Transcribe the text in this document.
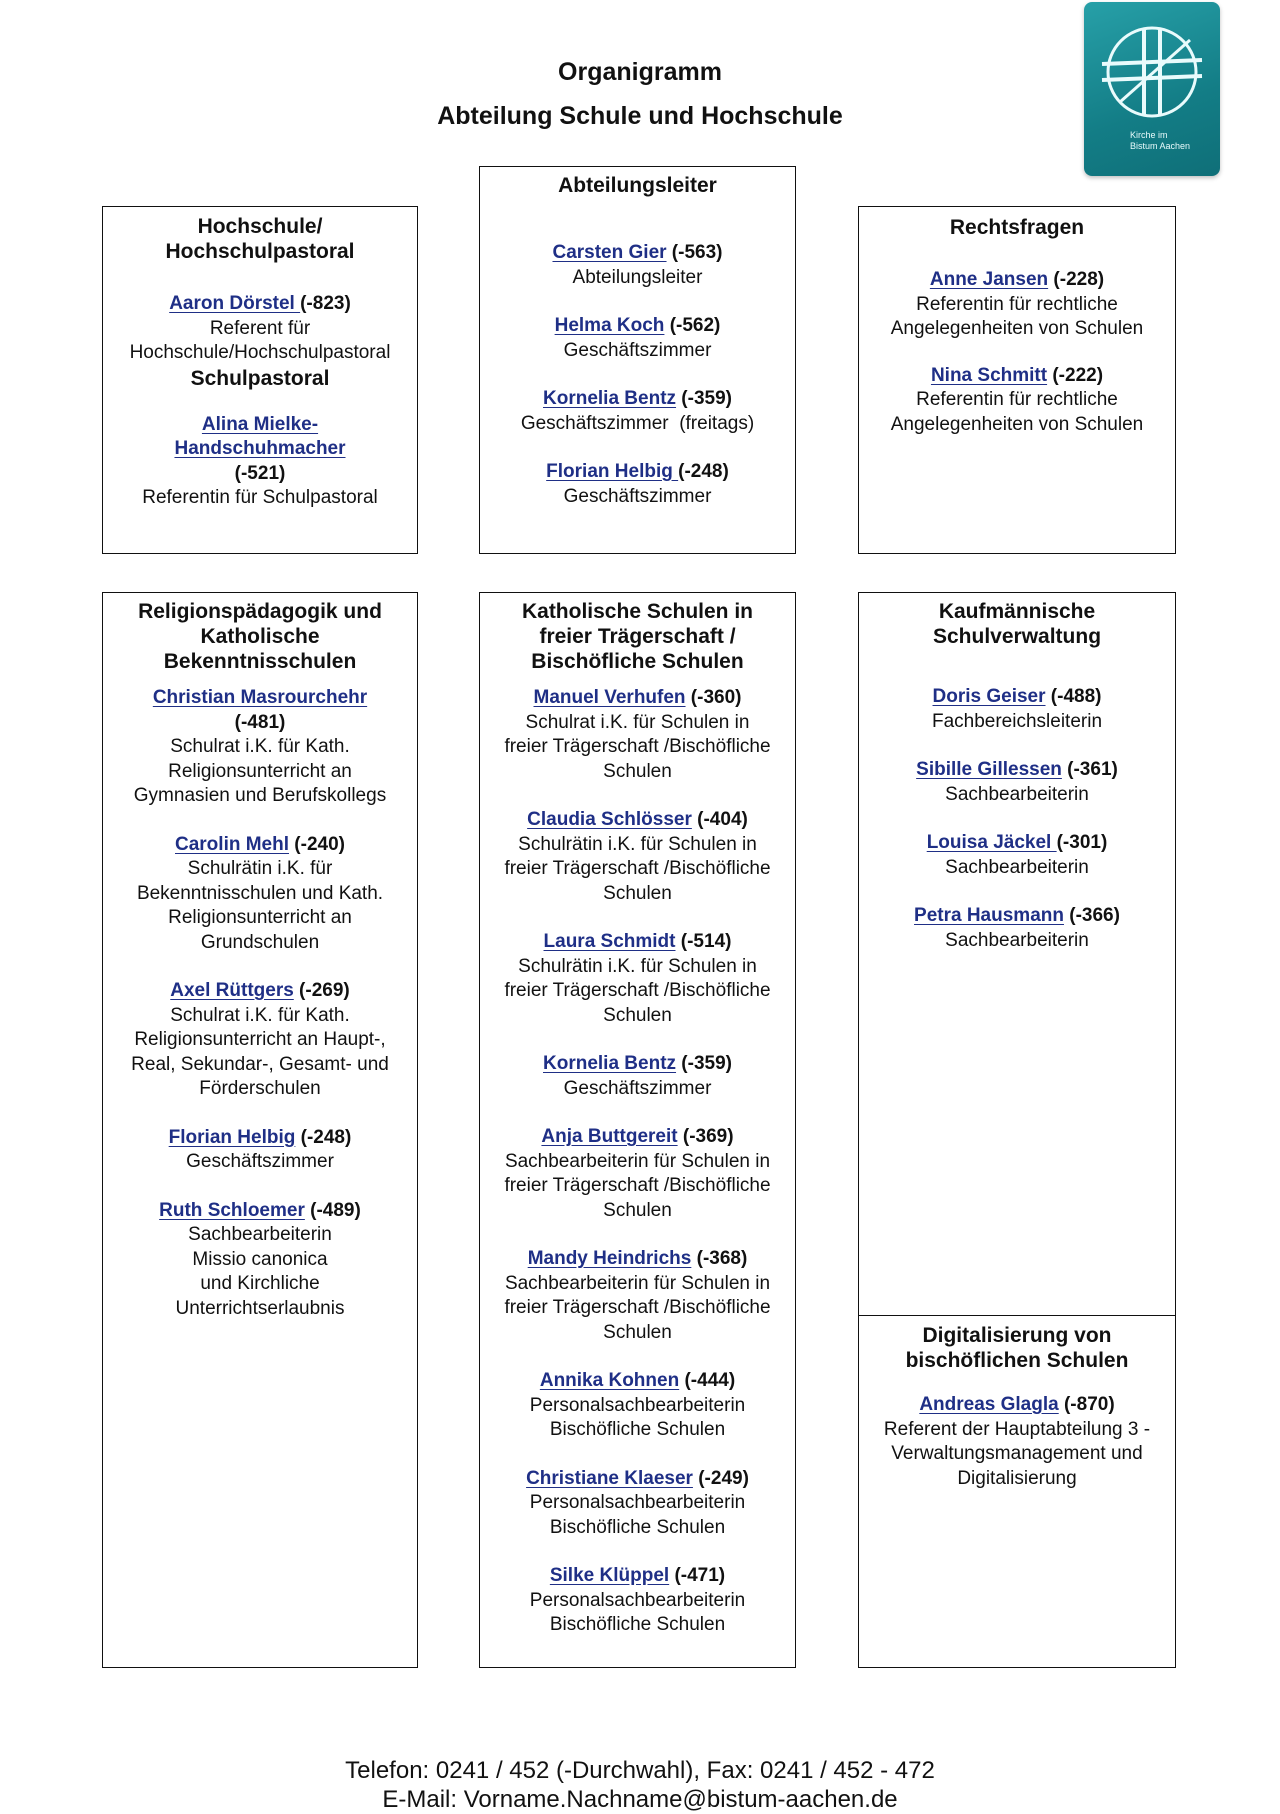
Organigramm
Abteilung Schule und Hochschule
Kirche im
Bistum Aachen
Hochschule/
Hochschulpastoral
Aaron Dörstel (-823)
Referent für
Hochschule/Hochschulpastoral
Schulpastoral
Alina Mielke-
Handschuhmacher
(-521)
Referentin für Schulpastoral
Abteilungsleiter
Carsten Gier (-563)
Abteilungsleiter
Helma Koch (-562)
Geschäftszimmer
Kornelia Bentz (-359)
Geschäftszimmer  (freitags)
Florian Helbig (-248)
Geschäftszimmer
Rechtsfragen
Anne Jansen (-228)
Referentin für rechtliche
Angelegenheiten von Schulen
Nina Schmitt (-222)
Referentin für rechtliche
Angelegenheiten von Schulen
Religionspädagogik und
Katholische
Bekenntnisschulen
Christian Masrourchehr
(-481)
Schulrat i.K. für Kath.
Religionsunterricht an
Gymnasien und Berufskollegs
Carolin Mehl (-240)
Schulrätin i.K. für
Bekenntnisschulen und Kath.
Religionsunterricht an
Grundschulen
Axel Rüttgers (-269)
Schulrat i.K. für Kath.
Religionsunterricht an Haupt-,
Real, Sekundar-, Gesamt- und
Förderschulen
Florian Helbig (-248)
Geschäftszimmer
Ruth Schloemer (-489)
Sachbearbeiterin
Missio canonica
und Kirchliche
Unterrichtserlaubnis
Katholische Schulen in
freier Trägerschaft /
Bischöfliche Schulen
Manuel Verhufen (-360)
Schulrat i.K. für Schulen in
freier Trägerschaft /Bischöfliche
Schulen
Claudia Schlösser (-404)
Schulrätin i.K. für Schulen in
freier Trägerschaft /Bischöfliche
Schulen
Laura Schmidt (-514)
Schulrätin i.K. für Schulen in
freier Trägerschaft /Bischöfliche
Schulen
Kornelia Bentz (-359)
Geschäftszimmer
Anja Buttgereit (-369)
Sachbearbeiterin für Schulen in
freier Trägerschaft /Bischöfliche
Schulen
Mandy Heindrichs (-368)
Sachbearbeiterin für Schulen in
freier Trägerschaft /Bischöfliche
Schulen
Annika Kohnen (-444)
Personalsachbearbeiterin
Bischöfliche Schulen
Christiane Klaeser (-249)
Personalsachbearbeiterin
Bischöfliche Schulen
Silke Klüppel (-471)
Personalsachbearbeiterin
Bischöfliche Schulen
Kaufmännische
Schulverwaltung
Doris Geiser (-488)
Fachbereichsleiterin
Sibille Gillessen (-361)
Sachbearbeiterin
Louisa Jäckel (-301)
Sachbearbeiterin
Petra Hausmann (-366)
Sachbearbeiterin
Digitalisierung von
bischöflichen Schulen
Andreas Glagla (-870)
Referent der Hauptabteilung 3 -
Verwaltungsmanagement und
Digitalisierung
Telefon: 0241 / 452 (-Durchwahl), Fax: 0241 / 452 - 472
E-Mail: Vorname.Nachname@bistum-aachen.de
